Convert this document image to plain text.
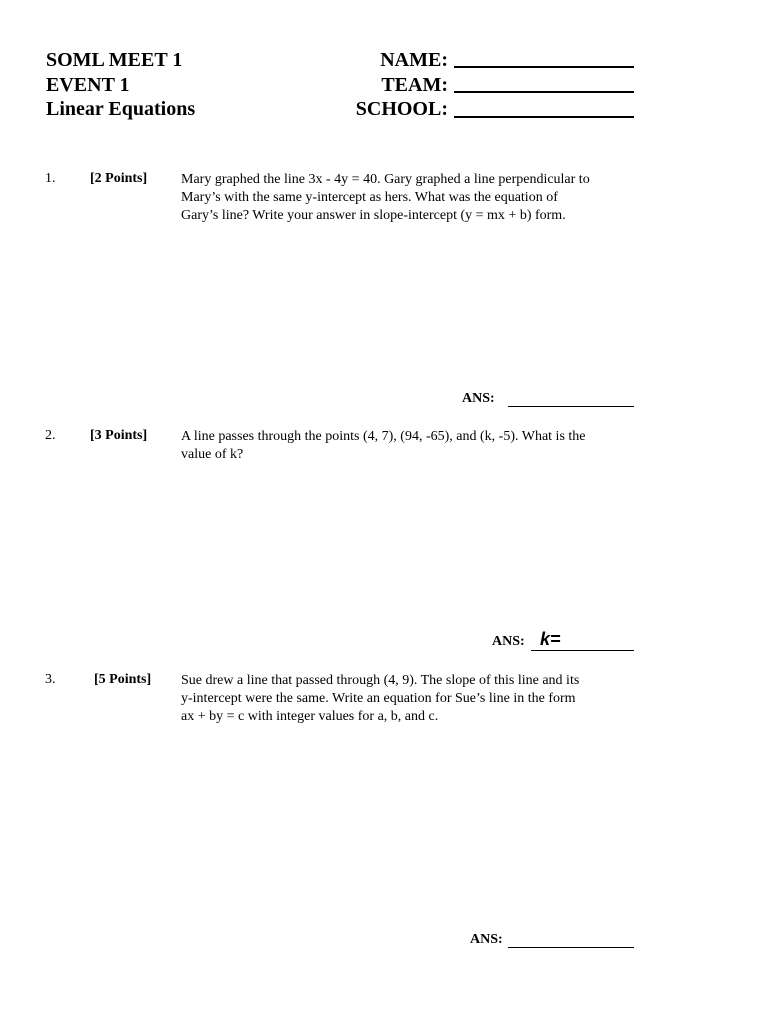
SOML MEET 1
EVENT 1
Linear Equations
NAME:
TEAM:
SCHOOL:
1. [2 Points] Mary graphed the line 3x - 4y = 40. Gary graphed a line perpendicular to
Mary’s with the same y-intercept as hers. What was the equation of
Gary’s line? Write your answer in slope-intercept (y = mx + b) form.
ANS:
2. [3 Points] A line passes through the points (4, 7), (94, -65), and (k, -5). What is the
value of k?
ANS: k=
3.	[5 Points] Sue drew a line that passed through (4, 9). The slope of this line and its
y-intercept were the same. Write an equation for Sue’s line in the form
ax + by = c with integer values for a, b, and c.
ANS:
